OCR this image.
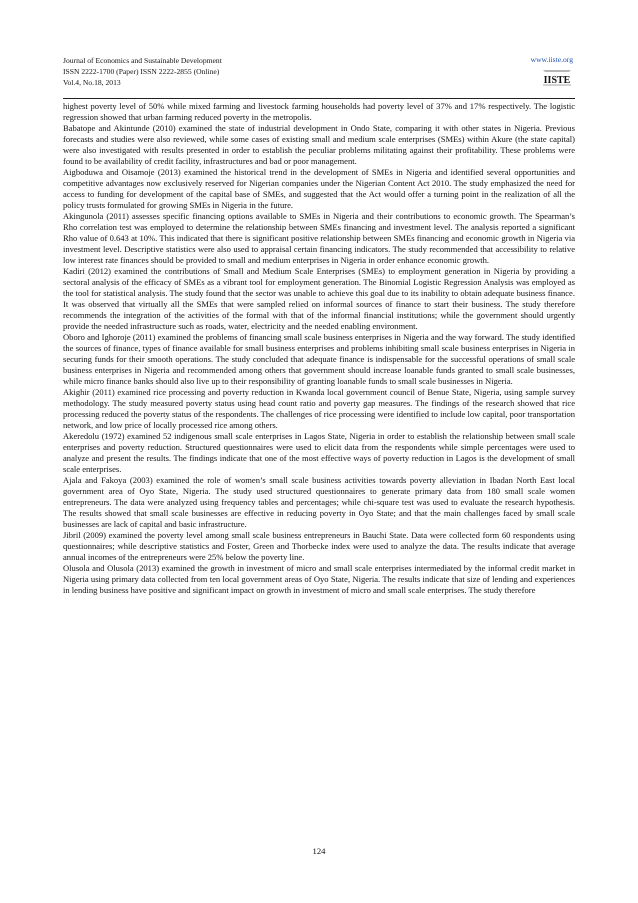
Journal of Economics and Sustainable Development
ISSN 2222-1700 (Paper) ISSN 2222-2855 (Online)
Vol.4, No.18, 2013
www.iiste.org
IISTE

highest poverty level of 50% while mixed farming and livestock farming households had poverty level of 37% and 17% respectively. The logistic regression showed that urban farming reduced poverty in the metropolis.

Babatope and Akintunde (2010) examined the state of industrial development in Ondo State, comparing it with other states in Nigeria. Previous forecasts and studies were also reviewed, while some cases of existing small and medium scale enterprises (SMEs) within Akure (the state capital) were also investigated with results presented in order to establish the peculiar problems militating against their profitability. These problems were found to be availability of credit facility, infrastructures and bad or poor management.

Aigboduwa and Oisamoje (2013) examined the historical trend in the development of SMEs in Nigeria and identified several opportunities and competitive advantages now exclusively reserved for Nigerian companies under the Nigerian Content Act 2010. The study emphasized the need for access to funding for development of the capital base of SMEs, and suggested that the Act would offer a turning point in the realization of all the policy trusts formulated for growing SMEs in Nigeria in the future.

Akingunola (2011) assesses specific financing options available to SMEs in Nigeria and their contributions to economic growth. The Spearman’s Rho correlation test was employed to determine the relationship between SMEs financing and investment level. The analysis reported a significant Rho value of 0.643 at 10%. This indicated that there is significant positive relationship between SMEs financing and economic growth in Nigeria via investment level. Descriptive statistics were also used to appraisal certain financing indicators. The study recommended that accessibility to relative low interest rate finances should be provided to small and medium enterprises in Nigeria in order enhance economic growth.

Kadiri (2012) examined the contributions of Small and Medium Scale Enterprises (SMEs) to employment generation in Nigeria by providing a sectoral analysis of the efficacy of SMEs as a vibrant tool for employment generation. The Binomial Logistic Regression Analysis was employed as the tool for statistical analysis. The study found that the sector was unable to achieve this goal due to its inability to obtain adequate business finance. It was observed that virtually all the SMEs that were sampled relied on informal sources of finance to start their business. The study therefore recommends the integration of the activities of the formal with that of the informal financial institutions; while the government should urgently provide the needed infrastructure such as roads, water, electricity and the needed enabling environment.

Oboro and Ighoroje (2011) examined the problems of financing small scale business enterprises in Nigeria and the way forward. The study identified the sources of finance, types of finance available for small business enterprises and problems inhibiting small scale business enterprises in Nigeria in securing funds for their smooth operations. The study concluded that adequate finance is indispensable for the successful operations of small scale business enterprises in Nigeria and recommended among others that government should increase loanable funds granted to small scale businesses, while micro finance banks should also live up to their responsibility of granting loanable funds to small scale businesses in Nigeria.

Akighir (2011) examined rice processing and poverty reduction in Kwanda local government council of Benue State, Nigeria, using sample survey methodology. The study measured poverty status using head count ratio and poverty gap measures. The findings of the research showed that rice processing reduced the poverty status of the respondents. The challenges of rice processing were identified to include low capital, poor transportation network, and low price of locally processed rice among others.

Akeredolu (1972) examined 52 indigenous small scale enterprises in Lagos State, Nigeria in order to establish the relationship between small scale enterprises and poverty reduction. Structured questionnaires were used to elicit data from the respondents while simple percentages were used to analyze and present the results. The findings indicate that one of the most effective ways of poverty reduction in Lagos is the development of small scale enterprises.

Ajala and Fakoya (2003) examined the role of women’s small scale business activities towards poverty alleviation in Ibadan North East local government area of Oyo State, Nigeria. The study used structured questionnaires to generate primary data from 180 small scale women entrepreneurs. The data were analyzed using frequency tables and percentages; while chi-square test was used to evaluate the research hypothesis. The results showed that small scale businesses are effective in reducing poverty in Oyo State; and that the main challenges faced by small scale businesses are lack of capital and basic infrastructure.

Jibril (2009) examined the poverty level among small scale business entrepreneurs in Bauchi State. Data were collected form 60 respondents using questionnaires; while descriptive statistics and Foster, Green and Thorbecke index were used to analyze the data. The results indicate that average annual incomes of the entrepreneurs were 25% below the poverty line.

Olusola and Olusola (2013) examined the growth in investment of micro and small scale enterprises intermediated by the informal credit market in Nigeria using primary data collected from ten local government areas of Oyo State, Nigeria. The results indicate that size of lending and experiences in lending business have positive and significant impact on growth in investment of micro and small scale enterprises. The study therefore

124
